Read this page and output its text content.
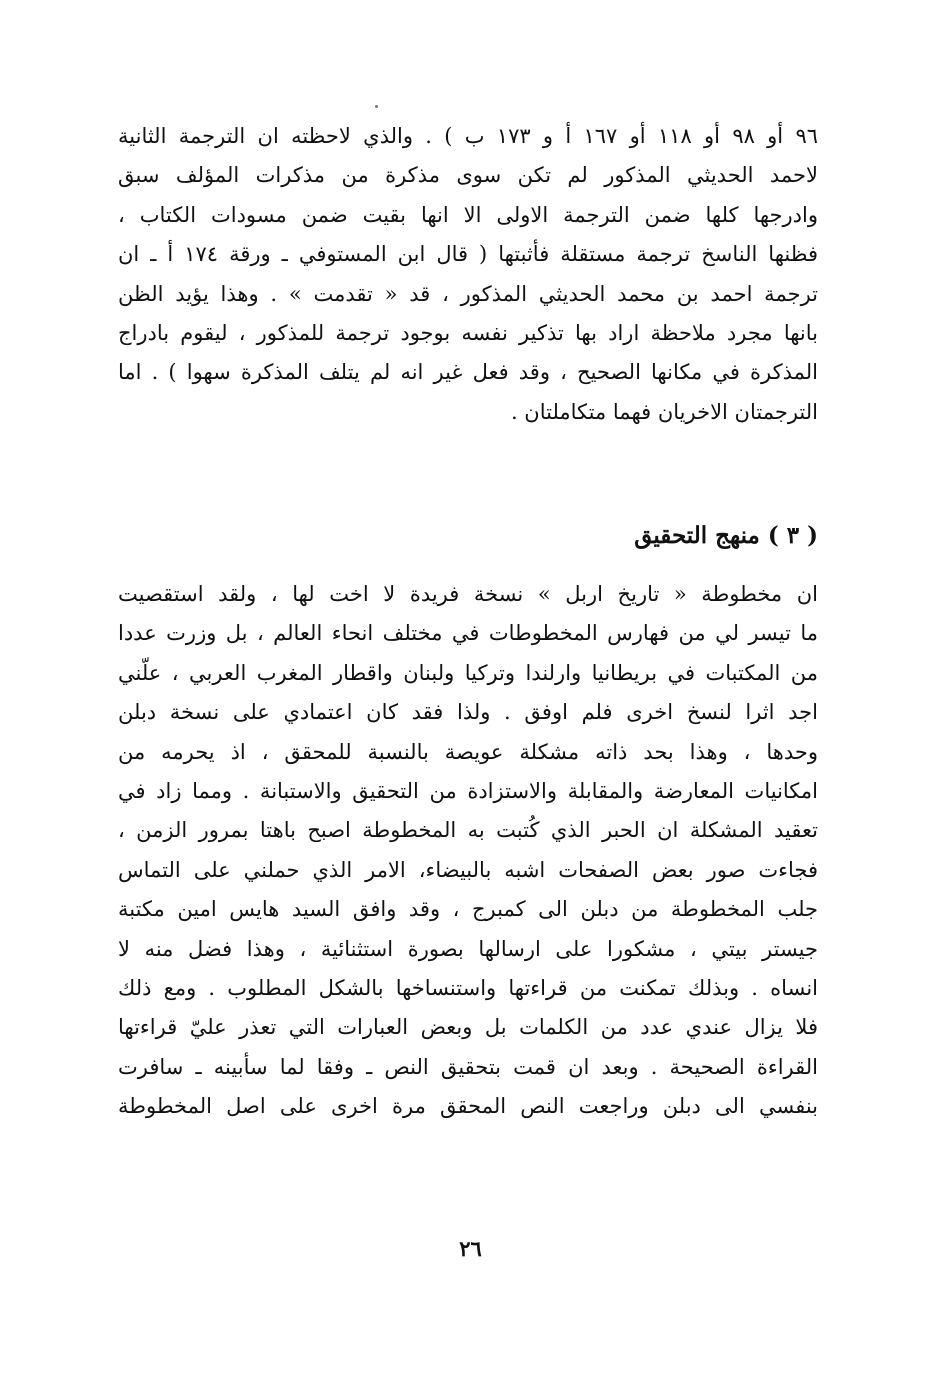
٩٦ أو ٩٨ أو ١١٨ أو ١٦٧ أ و ١٧٣ ب ) . والذي لاحظته ان الترجمة الثانية
لاحمد الحديثي المذكور لم تكن سوى مذكرة من مذكرات المؤلف سبق
وادرجها كلها ضمن الترجمة الاولى الا انها بقيت ضمن مسودات الكتاب ،
فظنها الناسخ ترجمة مستقلة فأثبتها ( قال ابن المستوفي ـ ورقة ١٧٤ أ ـ ان
ترجمة احمد بن محمد الحديثي المذكور ، قد « تقدمت » . وهذا يؤيد الظن
بانها مجرد ملاحظة اراد بها تذكير نفسه بوجود ترجمة للمذكور ، ليقوم بادراج
المذكرة في مكانها الصحيح ، وقد فعل غير انه لم يتلف المذكرة سهوا ) . اما
الترجمتان الاخريان فهما متكاملتان .
( ٣ ) منهج التحقيق
ان مخطوطة « تاريخ اربل » نسخة فريدة لا اخت لها ، ولقد استقصيت
ما تيسر لي من فهارس المخطوطات في مختلف انحاء العالم ، بل وزرت عددا
من المكتبات في بريطانيا وارلندا وتركيا ولبنان واقطار المغرب العربي ، علّني
اجد اثرا لنسخ اخرى فلم اوفق . ولذا فقد كان اعتمادي على نسخة دبلن
وحدها ، وهذا بحد ذاته مشكلة عويصة بالنسبة للمحقق ، اذ يحرمه من
امكانيات المعارضة والمقابلة والاستزادة من التحقيق والاستبانة . ومما زاد في
تعقيد المشكلة ان الحبر الذي كُتبت به المخطوطة اصبح باهتا بمرور الزمن ،
فجاءت صور بعض الصفحات اشبه بالبيضاء، الامر الذي حملني على التماس
جلب المخطوطة من دبلن الى كمبرج ، وقد وافق السيد هايس امين مكتبة
جيستر بيتي ، مشكورا على ارسالها بصورة استثنائية ، وهذا فضل منه لا
انساه . وبذلك تمكنت من قراءتها واستنساخها بالشكل المطلوب . ومع ذلك
فلا يزال عندي عدد من الكلمات بل وبعض العبارات التي تعذر عليّ قراءتها
القراءة الصحيحة . وبعد ان قمت بتحقيق النص ـ وفقا لما سأبينه ـ سافرت
بنفسي الى دبلن وراجعت النص المحقق مرة اخرى على اصل المخطوطة
٢٦
